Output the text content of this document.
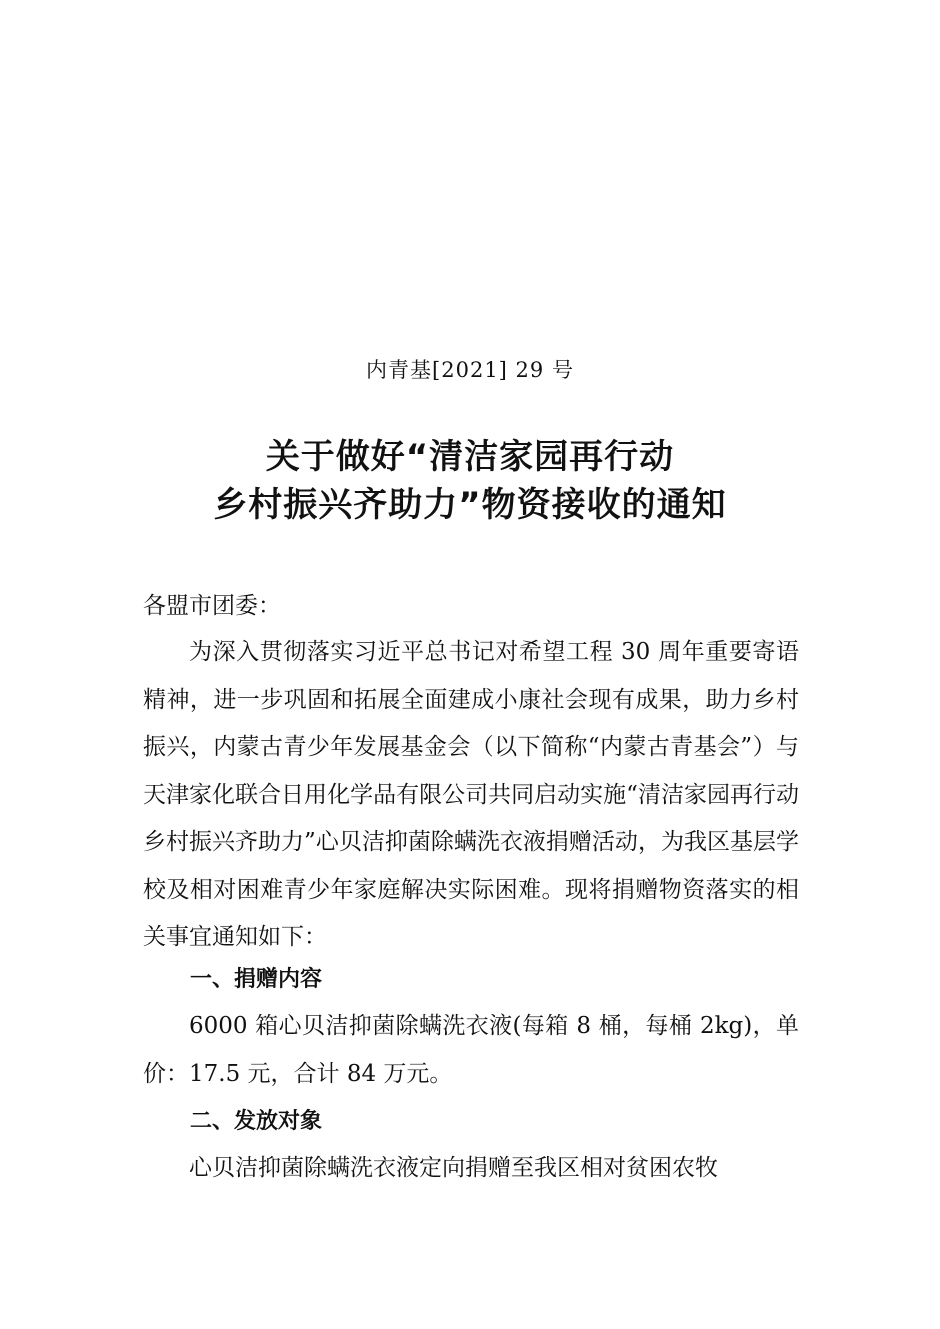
内青基[2021] 29 号
关于做好“清洁家园再行动
乡村振兴齐助力”物资接收的通知
各盟市团委：

为深入贯彻落实习近平总书记对希望工程 30 周年重要寄语精神，进一步巩固和拓展全面建成小康社会现有成果，助力乡村振兴，内蒙古青少年发展基金会（以下简称“内蒙古青基会”）与天津家化联合日用化学品有限公司共同启动实施“清洁家园再行动 乡村振兴齐助力”心贝洁抑菌除螨洗衣液捐赠活动，为我区基层学校及相对困难青少年家庭解决实际困难。现将捐赠物资落实的相关事宜通知如下：

一、捐赠内容

6000 箱心贝洁抑菌除螨洗衣液(每箱 8 桶，每桶 2kg)，单价：17.5 元，合计 84 万元。

二、发放对象

心贝洁抑菌除螨洗衣液定向捐赠至我区相对贫困农牧
